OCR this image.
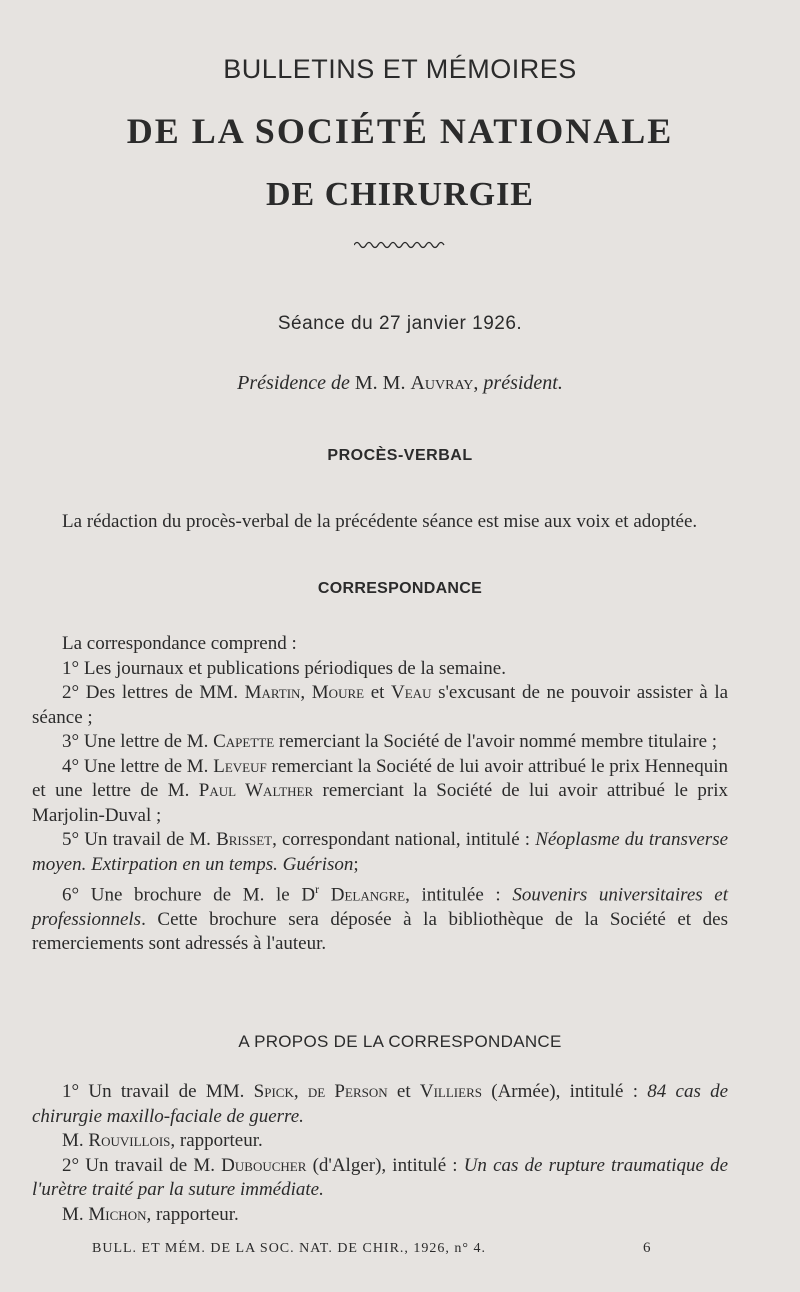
BULLETINS ET MÉMOIRES
DE LA SOCIÉTÉ NATIONALE
DE CHIRURGIE
Séance du 27 janvier 1926.
Présidence de M. M. Auvray, président.
PROCÈS-VERBAL

La rédaction du procès-verbal de la précédente séance est mise aux voix et adoptée.

CORRESPONDANCE

La correspondance comprend :

1° Les journaux et publications périodiques de la semaine.

2° Des lettres de MM. Martin, Moure et Veau s'excusant de ne pouvoir assister à la séance ;

3° Une lettre de M. Capette remerciant la Société de l'avoir nommé membre titulaire ;

4° Une lettre de M. Leveuf remerciant la Société de lui avoir attribué le prix Hennequin et une lettre de M. Paul Walther remerciant la Société de lui avoir attribué le prix Marjolin-Duval ;

5° Un travail de M. Brisset, correspondant national, intitulé : Néoplasme du transverse moyen. Extirpation en un temps. Guérison;

6° Une brochure de M. le $D^r$ Delangre, intitulée : Souvenirs universitaires et professionnels. Cette brochure sera déposée à la bibliothèque de la Société et des remerciements sont adressés à l'auteur.

A PROPOS DE LA CORRESPONDANCE

1° Un travail de MM. Spick, de Person et Villiers (Armée), intitulé : 84 cas de chirurgie maxillo-faciale de guerre.

M. Rouvillois, rapporteur.

2° Un travail de M. Duboucher (d'Alger), intitulé : Un cas de rupture traumatique de l'urètre traité par la suture immédiate.

M. Michon, rapporteur.

BULL. ET MÉM. DE LA SOC. NAT. DE CHIR., 1926, n° 4.	6
